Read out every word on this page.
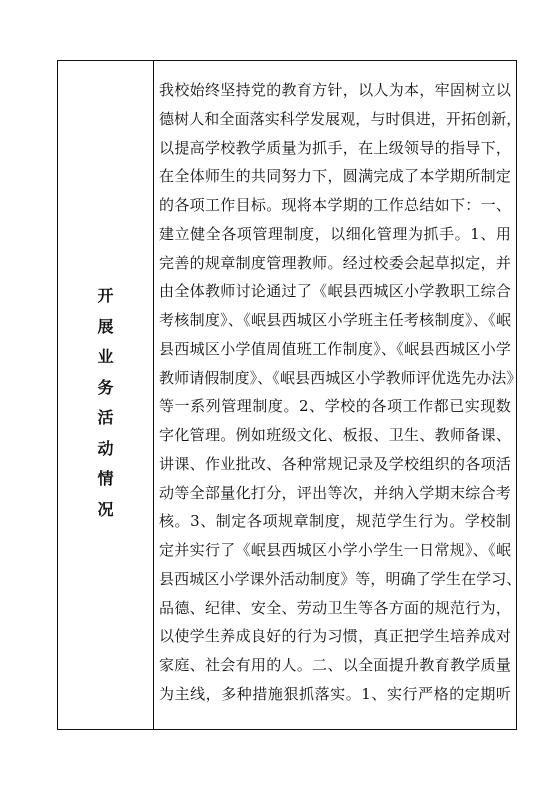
开
展
业
务
活
动
情
况
我校始终坚持党的教育方针，以人为本，牢固树立以
德树人和全面落实科学发展观，与时俱进，开拓创新，
以提高学校教学质量为抓手，在上级领导的指导下，
在全体师生的共同努力下，圆满完成了本学期所制定
的各项工作目标。现将本学期的工作总结如下：一、
建立健全各项管理制度，以细化管理为抓手。1、用
完善的规章制度管理教师。经过校委会起草拟定，并
由全体教师讨论通过了《岷县西城区小学教职工综合
考核制度》、《岷县西城区小学班主任考核制度》、《岷
县西城区小学值周值班工作制度》、《岷县西城区小学
教师请假制度》、《岷县西城区小学教师评优选先办法》
等一系列管理制度。2、学校的各项工作都已实现数
字化管理。例如班级文化、板报、卫生、教师备课、
讲课、作业批改、各种常规记录及学校组织的各项活
动等全部量化打分，评出等次，并纳入学期末综合考
核。3、制定各项规章制度，规范学生行为。学校制
定并实行了《岷县西城区小学小学生一日常规》、《岷
县西城区小学课外活动制度》等，明确了学生在学习、
品德、纪律、安全、劳动卫生等各方面的规范行为，
以使学生养成良好的行为习惯，真正把学生培养成对
家庭、社会有用的人。二、以全面提升教育教学质量
为主线，多种措施狠抓落实。1、实行严格的定期听
